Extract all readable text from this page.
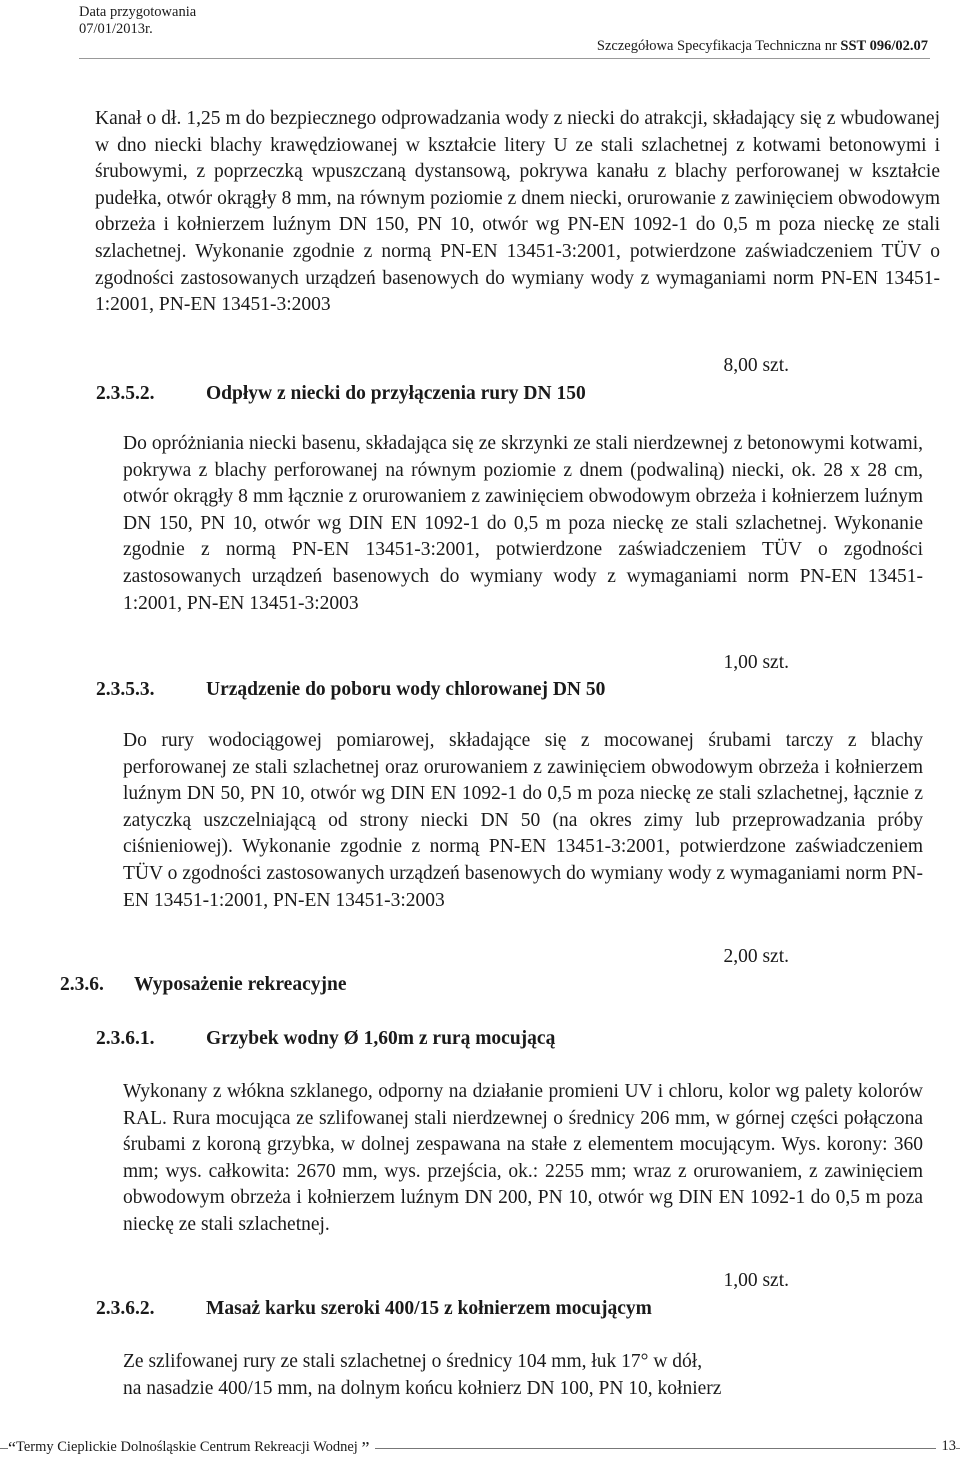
Data przygotowania
07/01/2013r.
Szczegółowa Specyfikacja Techniczna nr SST 096/02.07

Kanał o dł. 1,25 m do bezpiecznego odprowadzania wody z niecki do atrakcji, składający się z wbudowanej w dno niecki blachy krawędziowanej w kształcie litery U ze stali szlachetnej z kotwami betonowymi i śrubowymi, z poprzeczką wpuszczaną dystansową, pokrywa kanału z blachy perforowanej w kształcie pudełka, otwór okrągły 8 mm, na równym poziomie z dnem niecki, orurowanie z zawinięciem obwodowym obrzeża i kołnierzem luźnym DN 150, PN 10, otwór wg PN-EN 1092-1 do 0,5 m poza nieckę ze stali szlachetnej. Wykonanie zgodnie z normą PN-EN 13451-3:2001, potwierdzone zaświadczeniem TÜV o zgodności zastosowanych urządzeń basenowych do wymiany wody z wymaganiami norm PN-EN 13451-1:2001, PN-EN 13451-3:2003

8,00 szt.
2.3.5.2.	Odpływ z niecki do przyłączenia rury DN 150

Do opróżniania niecki basenu, składająca się ze skrzynki ze stali nierdzewnej z betonowymi kotwami, pokrywa z blachy perforowanej na równym poziomie z dnem (podwaliną) niecki, ok. 28 x 28 cm, otwór okrągły 8 mm łącznie z orurowaniem z zawinięciem obwodowym obrzeża i kołnierzem luźnym DN 150, PN 10, otwór wg DIN EN 1092-1 do 0,5 m poza nieckę ze stali szlachetnej. Wykonanie zgodnie z normą PN-EN 13451-3:2001, potwierdzone zaświadczeniem TÜV o zgodności zastosowanych urządzeń basenowych do wymiany wody z wymaganiami norm PN-EN 13451-1:2001, PN-EN 13451-3:2003

1,00 szt.
2.3.5.3.	Urządzenie do poboru wody chlorowanej DN 50

Do rury wodociągowej pomiarowej, składające się z mocowanej śrubami tarczy z blachy perforowanej ze stali szlachetnej oraz orurowaniem z zawinięciem obwodowym obrzeża i kołnierzem luźnym DN 50, PN 10, otwór wg DIN EN 1092-1 do 0,5 m poza nieckę ze stali szlachetnej, łącznie z zatyczką uszczelniającą od strony niecki DN 50 (na okres zimy lub przeprowadzania próby ciśnieniowej). Wykonanie zgodnie z normą PN-EN 13451-3:2001, potwierdzone zaświadczeniem TÜV o zgodności zastosowanych urządzeń basenowych do wymiany wody z wymaganiami norm PN-EN 13451-1:2001, PN-EN 13451-3:2003

2,00 szt.
2.3.6. Wyposażenie rekreacyjne
2.3.6.1.	Grzybek wodny Ø 1,60m z rurą mocującą

Wykonany z włókna szklanego, odporny na działanie promieni UV i chloru, kolor wg palety kolorów RAL. Rura mocująca ze szlifowanej stali nierdzewnej o średnicy 206 mm, w górnej części połączona śrubami z koroną grzybka, w dolnej zespawana na stałe z elementem mocującym. Wys. korony: 360 mm; wys. całkowita: 2670 mm, wys. przejścia, ok.: 2255 mm; wraz z orurowaniem, z zawinięciem obwodowym obrzeża i kołnierzem luźnym DN 200, PN 10, otwór wg DIN EN 1092-1 do 0,5 m poza nieckę ze stali szlachetnej.

1,00 szt.
2.3.6.2.	Masaż karku szeroki 400/15 z kołnierzem mocującym
Ze szlifowanej rury ze stali szlachetnej o średnicy 104 mm, łuk 17° w dół,
na nasadzie 400/15 mm, na dolnym końcu kołnierz DN 100, PN 10, kołnierz
“Termy Cieplickie Dolnośląskie Centrum Rekreacji Wodnej ”	13
